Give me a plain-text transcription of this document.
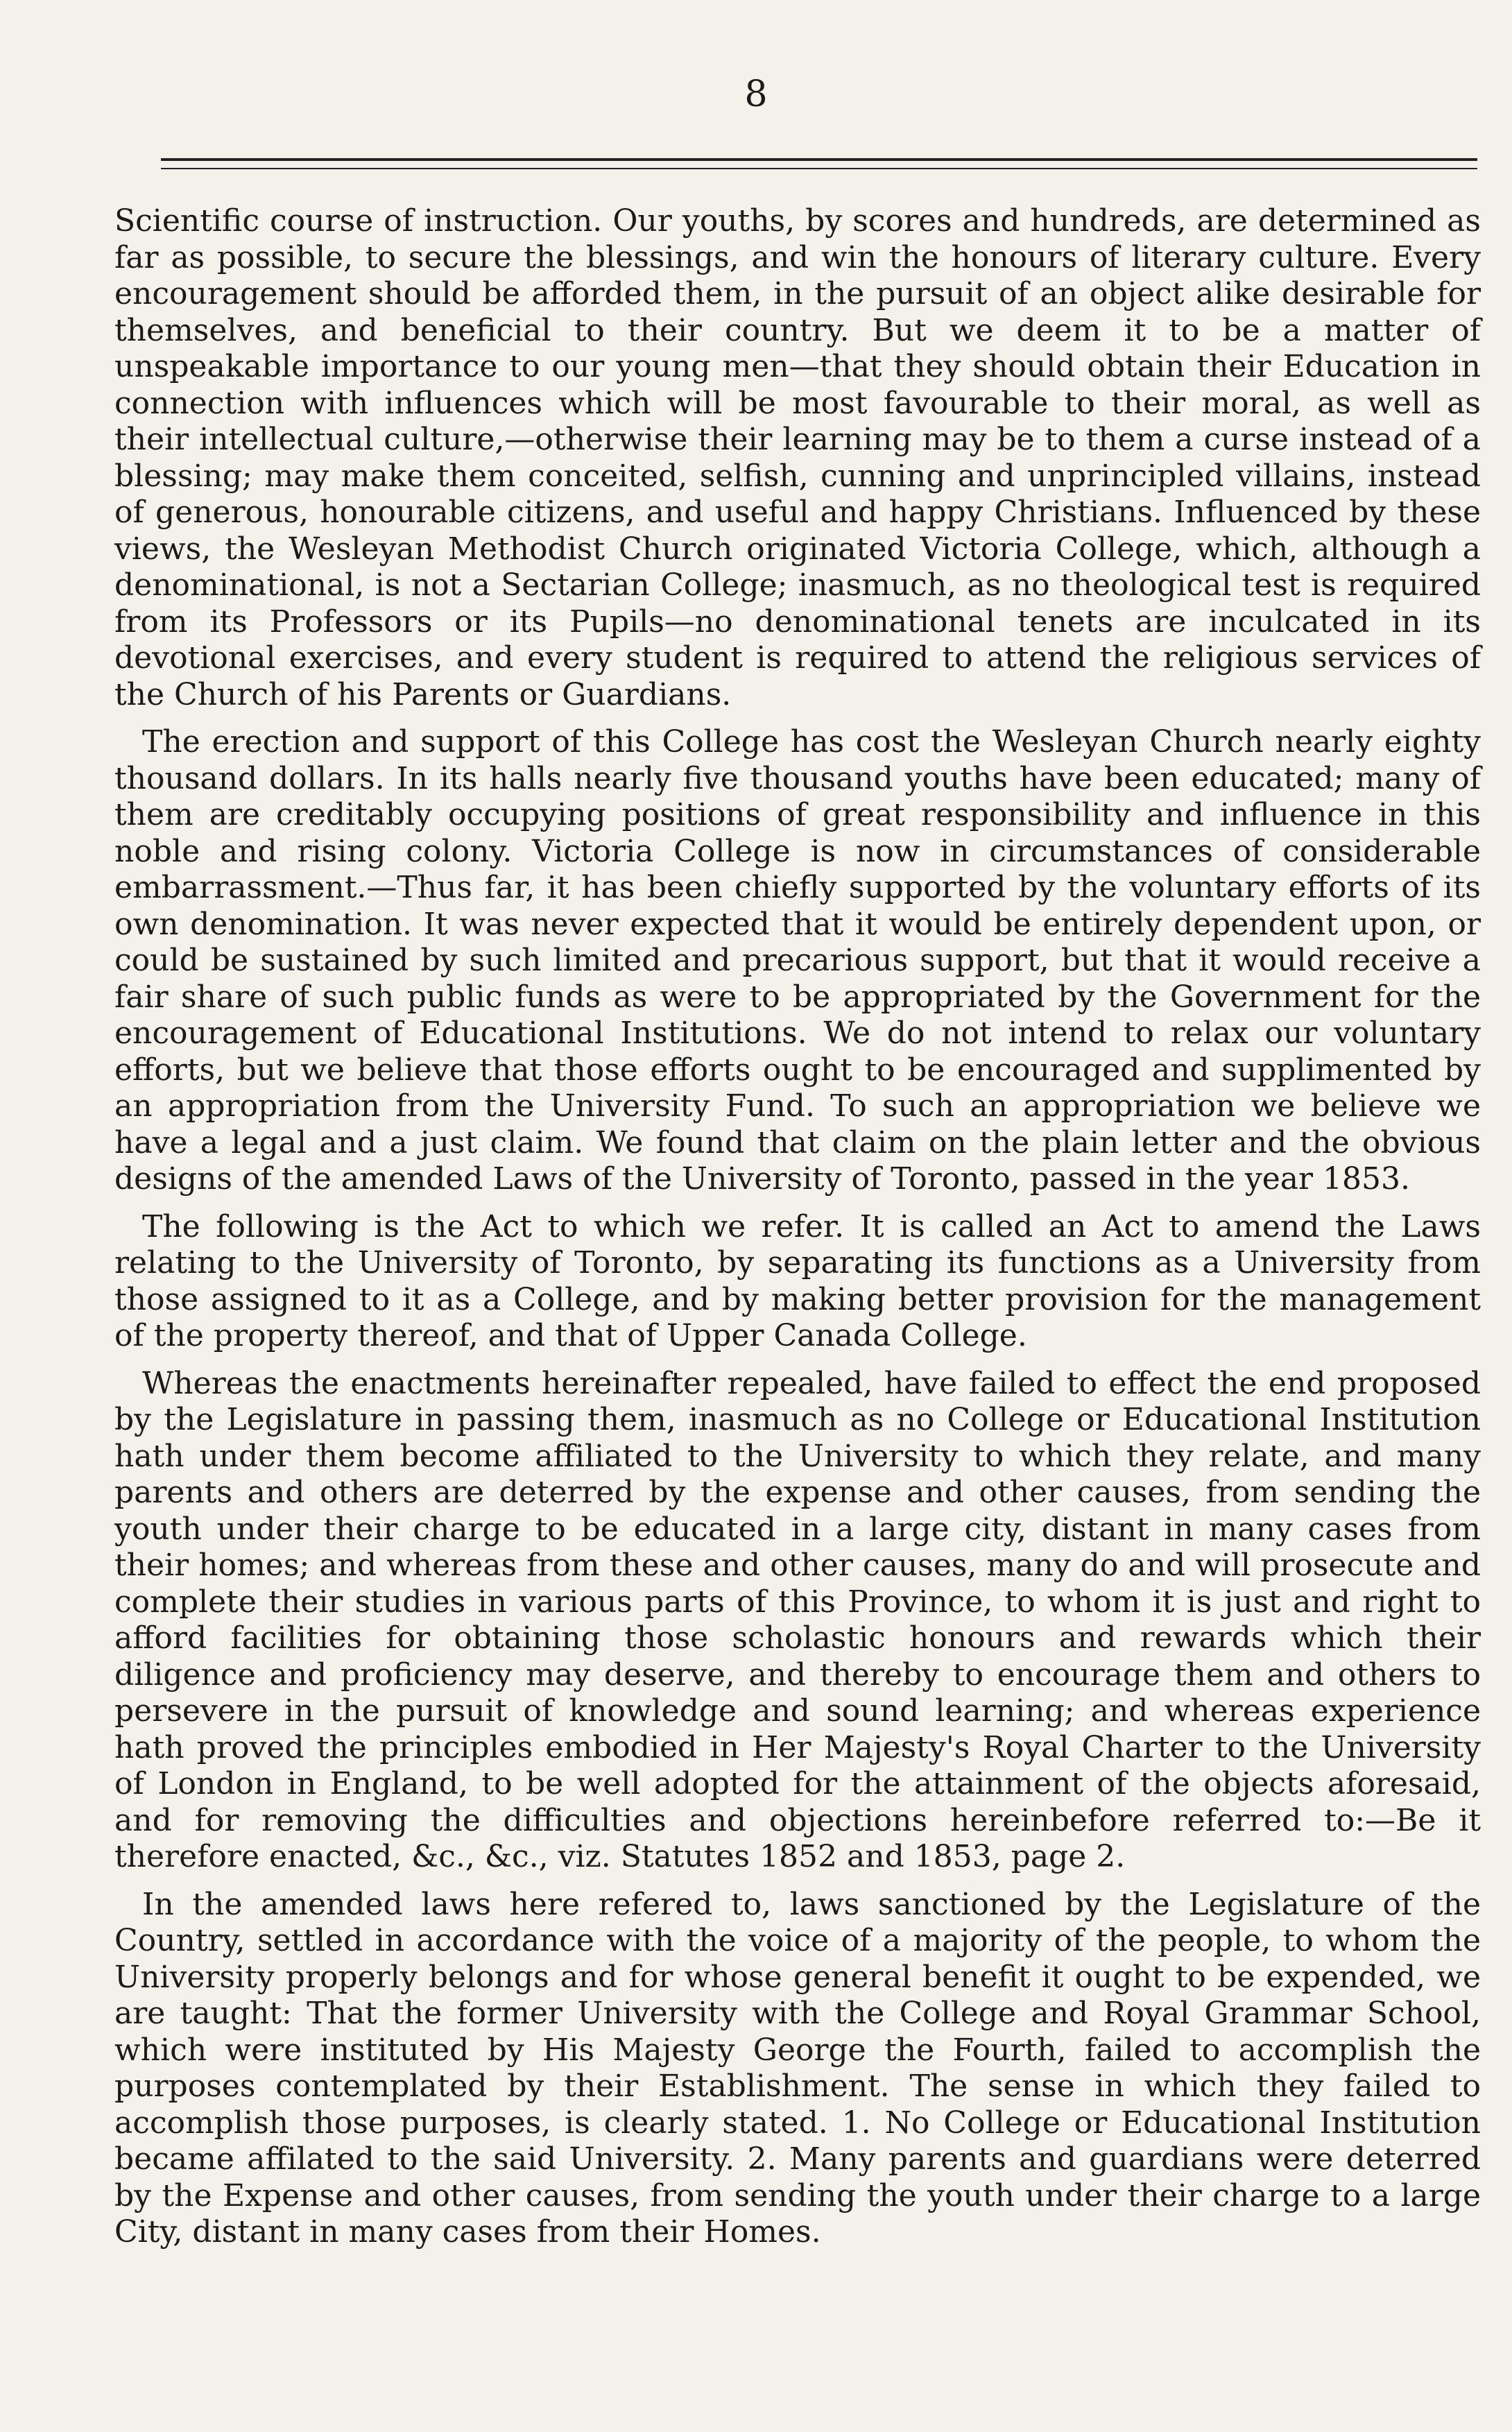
8

Scientific course of instruction. Our youths, by scores and hundreds, are determined as far as possible, to secure the blessings, and win the honours of literary culture. Every encouragement should be afforded them, in the pursuit of an object alike desirable for themselves, and beneficial to their country. But we deem it to be a matter of unspeakable importance to our young men—that they should obtain their Education in connection with influences which will be most favourable to their moral, as well as their intellectual culture,—otherwise their learning may be to them a curse instead of a blessing; may make them conceited, selfish, cunning and unprincipled villains, instead of generous, honourable citizens, and useful and happy Christians. Influenced by these views, the Wesleyan Methodist Church originated Victoria College, which, although a denominational, is not a Sectarian College; inasmuch, as no theological test is required from its Professors or its Pupils—no denominational tenets are inculcated in its devotional exercises, and every student is required to attend the religious services of the Church of his Parents or Guardians.

The erection and support of this College has cost the Wesleyan Church nearly eighty thousand dollars. In its halls nearly five thousand youths have been educated; many of them are creditably occupying positions of great responsibility and influence in this noble and rising colony. Victoria College is now in circumstances of considerable embarrassment.—Thus far, it has been chiefly supported by the voluntary efforts of its own denomination. It was never expected that it would be entirely dependent upon, or could be sustained by such limited and precarious support, but that it would receive a fair share of such public funds as were to be appropriated by the Government for the encouragement of Educational Institutions. We do not intend to relax our voluntary efforts, but we believe that those efforts ought to be encouraged and supplimented by an appropriation from the University Fund. To such an appropriation we believe we have a legal and a just claim. We found that claim on the plain letter and the obvious designs of the amended Laws of the University of Toronto, passed in the year 1853.

The following is the Act to which we refer. It is called an Act to amend the Laws relating to the University of Toronto, by separating its functions as a University from those assigned to it as a College, and by making better provision for the management of the property thereof, and that of Upper Canada College.

Whereas the enactments hereinafter repealed, have failed to effect the end proposed by the Legislature in passing them, inasmuch as no College or Educational Institution hath under them become affiliated to the University to which they relate, and many parents and others are deterred by the expense and other causes, from sending the youth under their charge to be educated in a large city, distant in many cases from their homes; and whereas from these and other causes, many do and will prosecute and complete their studies in various parts of this Province, to whom it is just and right to afford facilities for obtaining those scholastic honours and rewards which their diligence and proficiency may deserve, and thereby to encourage them and others to persevere in the pursuit of knowledge and sound learning; and whereas experience hath proved the principles embodied in Her Majesty's Royal Charter to the University of London in England, to be well adopted for the attainment of the objects aforesaid, and for removing the difficulties and objections hereinbefore referred to:—Be it therefore enacted, &c., &c., viz. Statutes 1852 and 1853, page 2.

In the amended laws here refered to, laws sanctioned by the Legislature of the Country, settled in accordance with the voice of a majority of the people, to whom the University properly belongs and for whose general benefit it ought to be expended, we are taught: That the former University with the College and Royal Grammar School, which were instituted by His Majesty George the Fourth, failed to accomplish the purposes contemplated by their Establishment. The sense in which they failed to accomplish those purposes, is clearly stated. 1. No College or Educational Institution became affilated to the said University. 2. Many parents and guardians were deterred by the Expense and other causes, from sending the youth under their charge to a large City, distant in many cases from their Homes.
